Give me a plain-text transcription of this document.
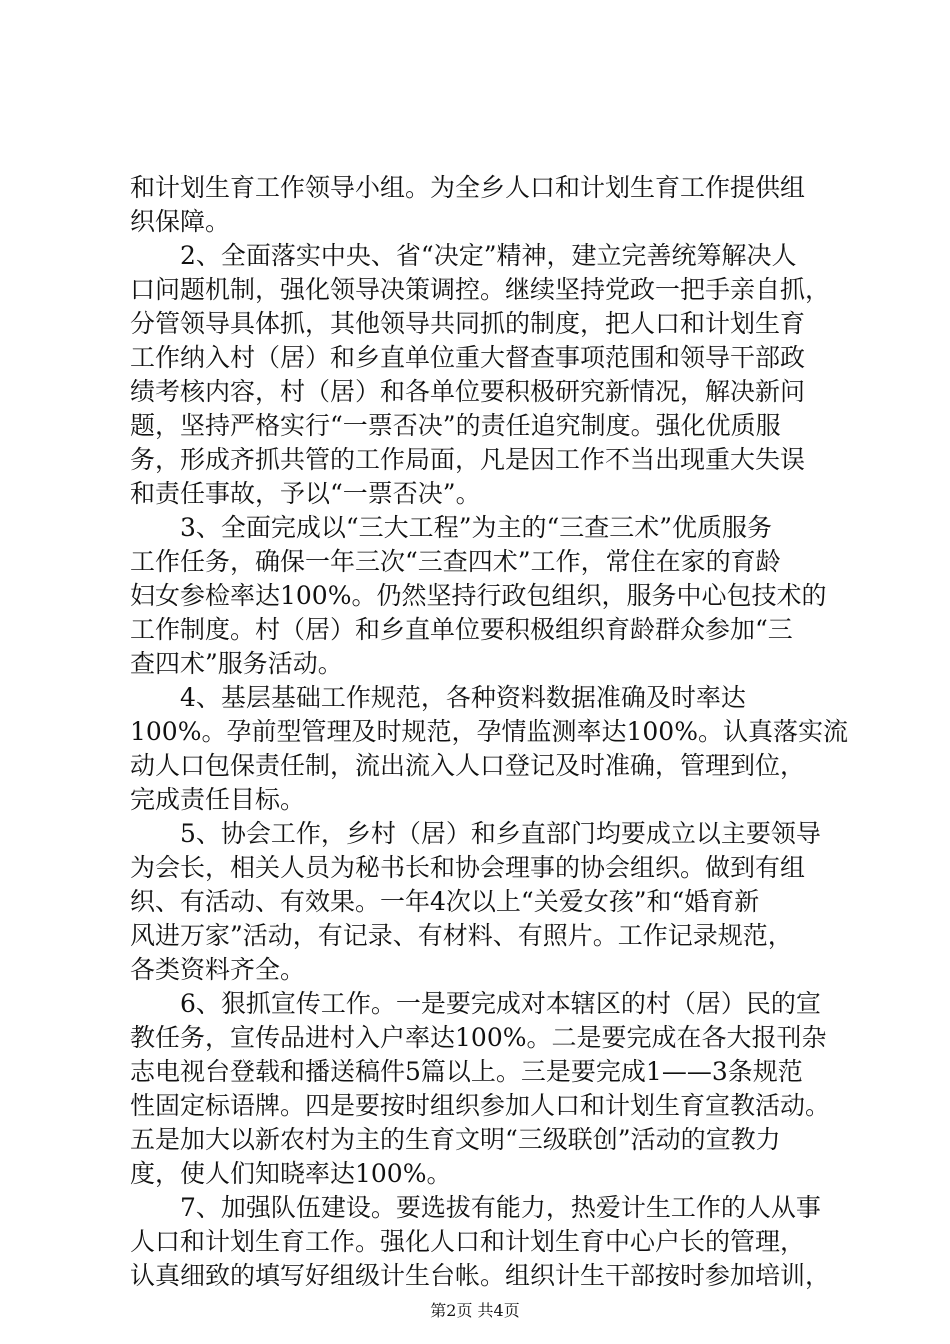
和计划生育工作领导小组。为全乡人口和计划生育工作提供组
织保障。
　　2、全面落实中央、省“决定”精神，建立完善统筹解决人
口问题机制，强化领导决策调控。继续坚持党政一把手亲自抓，
分管领导具体抓，其他领导共同抓的制度，把人口和计划生育
工作纳入村（居）和乡直单位重大督查事项范围和领导干部政
绩考核内容，村（居）和各单位要积极研究新情况，解决新问
题，坚持严格实行“一票否决”的责任追究制度。强化优质服
务，形成齐抓共管的工作局面，凡是因工作不当出现重大失误
和责任事故，予以“一票否决”。
　　3、全面完成以“三大工程”为主的“三查三术”优质服务
工作任务，确保一年三次“三查四术”工作，常住在家的育龄
妇女参检率达100%。仍然坚持行政包组织，服务中心包技术的
工作制度。村（居）和乡直单位要积极组织育龄群众参加“三
查四术”服务活动。
　　4、基层基础工作规范，各种资料数据准确及时率达
100%。孕前型管理及时规范，孕情监测率达100%。认真落实流
动人口包保责任制，流出流入人口登记及时准确，管理到位，
完成责任目标。
　　5、协会工作，乡村（居）和乡直部门均要成立以主要领导
为会长，相关人员为秘书长和协会理事的协会组织。做到有组
织、有活动、有效果。一年4次以上“关爱女孩”和“婚育新
风进万家”活动，有记录、有材料、有照片。工作记录规范，
各类资料齐全。
　　6、狠抓宣传工作。一是要完成对本辖区的村（居）民的宣
教任务，宣传品进村入户率达100%。二是要完成在各大报刊杂
志电视台登载和播送稿件5篇以上。三是要完成1——3条规范
性固定标语牌。四是要按时组织参加人口和计划生育宣教活动。
五是加大以新农村为主的生育文明“三级联创”活动的宣教力
度，使人们知晓率达100%。
　　7、加强队伍建设。要选拔有能力，热爱计生工作的人从事
人口和计划生育工作。强化人口和计划生育中心户长的管理，
认真细致的填写好组级计生台帐。组织计生干部按时参加培训，
第2页 共4页
